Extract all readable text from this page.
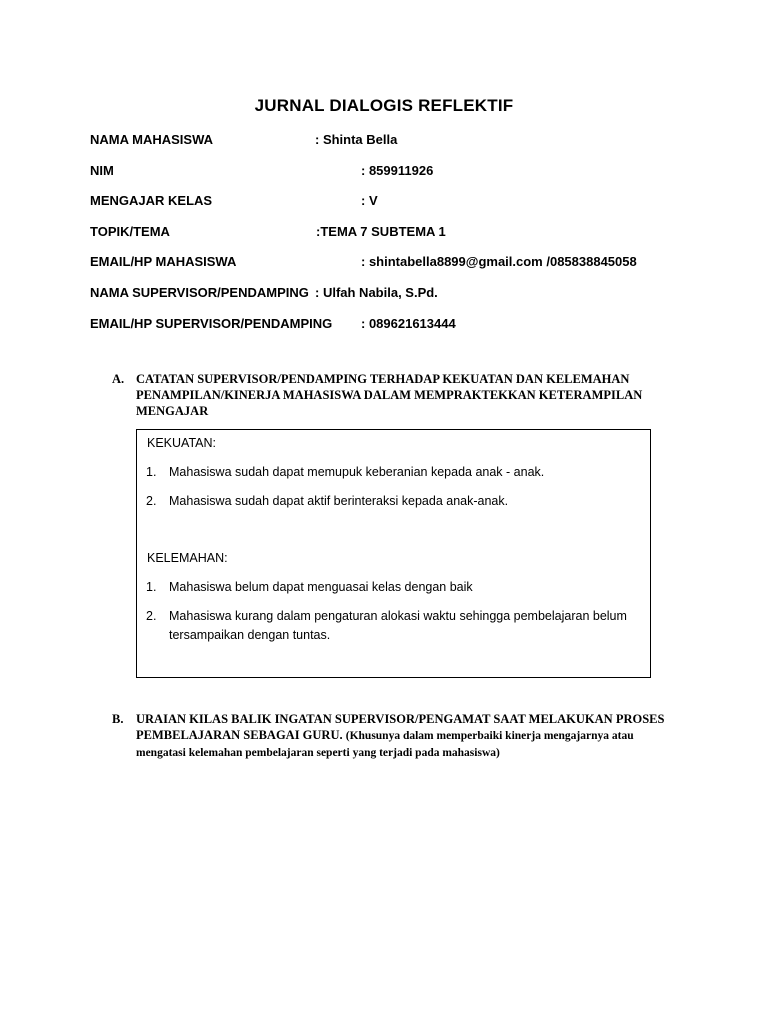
JURNAL DIALOGIS REFLEKTIF
NAMA MAHASISWA	: Shinta Bella
NIM	: 859911926
MENGAJAR KELAS	: V
TOPIK/TEMA	:TEMA 7 SUBTEMA 1
EMAIL/HP MAHASISWA	: shintabella8899@gmail.com /085838845058
NAMA SUPERVISOR/PENDAMPING : Ulfah Nabila, S.Pd.
EMAIL/HP SUPERVISOR/PENDAMPING : 089621613444
A. CATATAN SUPERVISOR/PENDAMPING TERHADAP KEKUATAN DAN KELEMAHAN PENAMPILAN/KINERJA MAHASISWA DALAM MEMPRAKTEKKAN KETERAMPILAN MENGAJAR
KEKUATAN:
1. Mahasiswa sudah dapat memupuk keberanian kepada anak - anak.
2. Mahasiswa sudah dapat aktif berinteraksi kepada anak-anak.
KELEMAHAN:
1. Mahasiswa belum dapat menguasai kelas dengan baik
2. Mahasiswa kurang dalam pengaturan alokasi waktu sehingga pembelajaran belum tersampaikan dengan tuntas.
B. URAIAN KILAS BALIK INGATAN SUPERVISOR/PENGAMAT SAAT MELAKUKAN PROSES PEMBELAJARAN SEBAGAI GURU. (Khusunya dalam memperbaiki kinerja mengajarnya atau mengatasi kelemahan pembelajaran seperti yang terjadi pada mahasiswa)
